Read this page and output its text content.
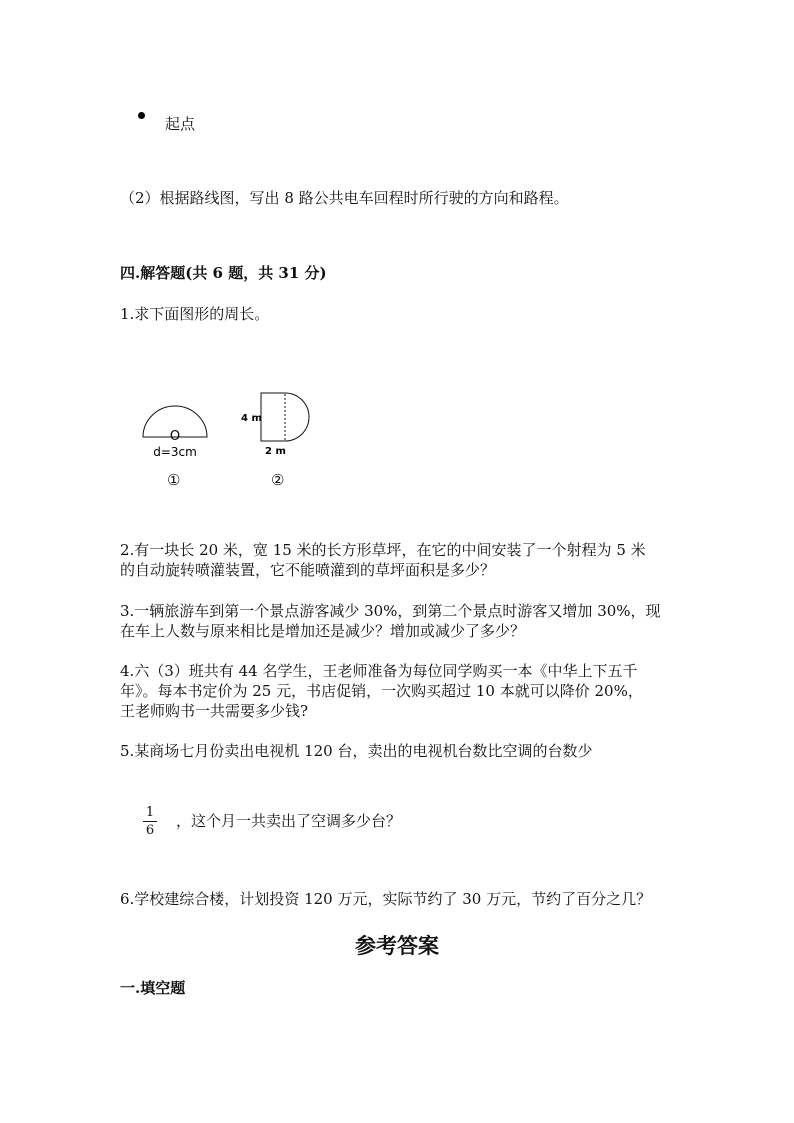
起点
（2）根据路线图，写出 8 路公共电车回程时所行驶的方向和路程。
四.解答题(共 6 题，共 31 分)
1.求下面图形的周长。
O
d=3cm
①
4 m
2 m
②
2.有一块长 20 米，宽 15 米的长方形草坪，在它的中间安装了一个射程为 5 米
的自动旋转喷灌装置，它不能喷灌到的草坪面积是多少？
3.一辆旅游车到第一个景点游客减少 30%，到第二个景点时游客又增加 30%，现
在车上人数与原来相比是增加还是减少？增加或减少了多少？
4.六（3）班共有 44 名学生，王老师准备为每位同学购买一本《中华上下五千
年》。每本书定价为 25 元，书店促销，一次购买超过 10 本就可以降价 20%，
王老师购书一共需要多少钱?
5.某商场七月份卖出电视机 120 台，卖出的电视机台数比空调的台数少
1
6
，这个月一共卖出了空调多少台？
6.学校建综合楼，计划投资 120 万元，实际节约了 30 万元，节约了百分之几？
参考答案
一.填空题
